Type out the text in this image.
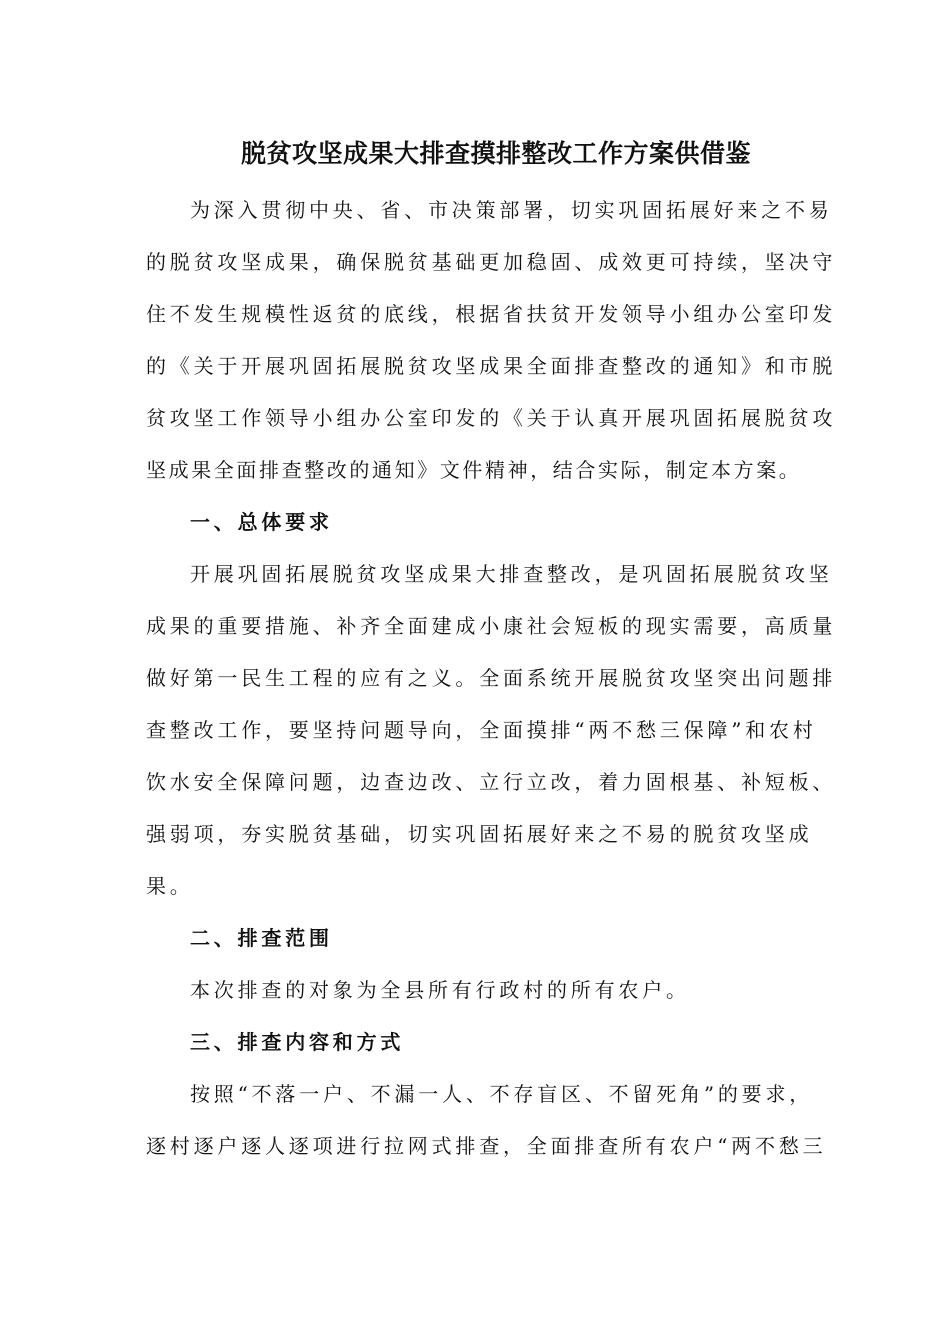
脱贫攻坚成果大排查摸排整改工作方案供借鉴
为深入贯彻中央、省、市决策部署，切实巩固拓展好来之不易
的脱贫攻坚成果，确保脱贫基础更加稳固、成效更可持续，坚决守
住不发生规模性返贫的底线，根据省扶贫开发领导小组办公室印发
的《关于开展巩固拓展脱贫攻坚成果全面排查整改的通知》和市脱
贫攻坚工作领导小组办公室印发的《关于认真开展巩固拓展脱贫攻
坚成果全面排查整改的通知》文件精神，结合实际，制定本方案。
一、总体要求
开展巩固拓展脱贫攻坚成果大排查整改，是巩固拓展脱贫攻坚
成果的重要措施、补齐全面建成小康社会短板的现实需要，高质量
做好第一民生工程的应有之义。全面系统开展脱贫攻坚突出问题排
查整改工作，要坚持问题导向，全面摸排“两不愁三保障”和农村
饮水安全保障问题，边查边改、立行立改，着力固根基、补短板、
强弱项，夯实脱贫基础，切实巩固拓展好来之不易的脱贫攻坚成
果。
二、排查范围
本次排查的对象为全县所有行政村的所有农户。
三、排查内容和方式
按照“不落一户、不漏一人、不存盲区、不留死角”的要求，
逐村逐户逐人逐项进行拉网式排查，全面排查所有农户“两不愁三
